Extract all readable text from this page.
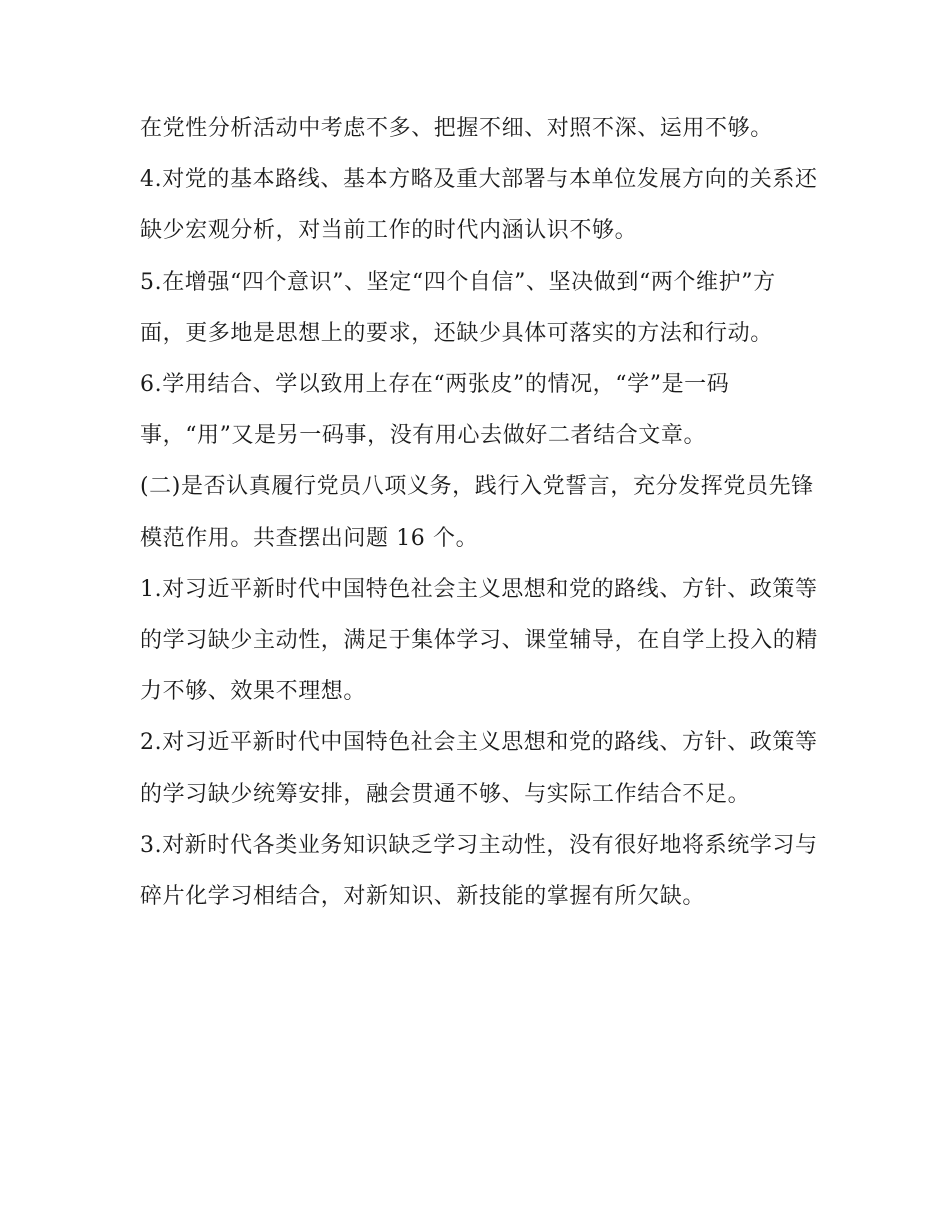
在党性分析活动中考虑不多、把握不细、对照不深、运用不够。

4.对党的基本路线、基本方略及重大部署与本单位发展方向的关系还缺少宏观分析，对当前工作的时代内涵认识不够。

5.在增强“四个意识”、坚定“四个自信”、坚决做到“两个维护”方面，更多地是思想上的要求，还缺少具体可落实的方法和行动。

6.学用结合、学以致用上存在“两张皮”的情况，“学”是一码事，“用”又是另一码事，没有用心去做好二者结合文章。

(二)是否认真履行党员八项义务，践行入党誓言，充分发挥党员先锋模范作用。共查摆出问题 16 个。

1.对习近平新时代中国特色社会主义思想和党的路线、方针、政策等的学习缺少主动性，满足于集体学习、课堂辅导，在自学上投入的精力不够、效果不理想。

2.对习近平新时代中国特色社会主义思想和党的路线、方针、政策等的学习缺少统筹安排，融会贯通不够、与实际工作结合不足。

3.对新时代各类业务知识缺乏学习主动性，没有很好地将系统学习与碎片化学习相结合，对新知识、新技能的掌握有所欠缺。
